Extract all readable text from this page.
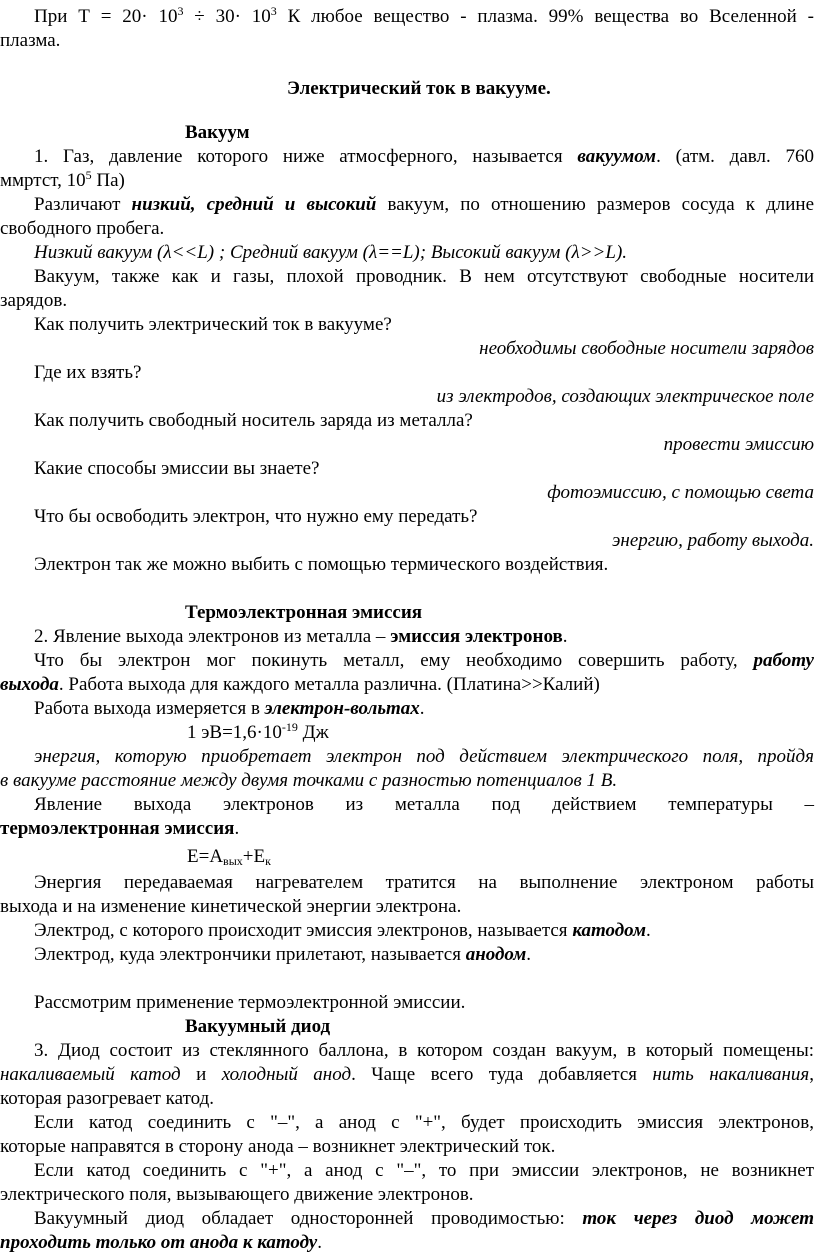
При $Т = 20\cdot 10^3 \div 30\cdot 10^3$ К любое вещество - плазма. 99% вещества во Вселенной -
плазма.
Электрический ток в вакууме.
Вакуум
1. Газ, давление которого ниже атмосферного, называется вакуумом. (атм. давл. 760
ммртст, $10^5$ Па)
Различают низкий, средний и высокий вакуум, по отношению размеров сосуда к длине
свободного пробега.
Низкий вакуум (λ<<L) ; Средний вакуум (λ==L); Высокий вакуум (λ>>L).
Вакуум, также как и газы, плохой проводник. В нем отсутствуют свободные носители
зарядов.
Как получить электрический ток в вакууме?
необходимы свободные носители зарядов
Где их взять?
из электродов, создающих электрическое поле
Как получить свободный носитель заряда из металла?
провести эмиссию
Какие способы эмиссии вы знаете?
фотоэмиссию, с помощью света
Что бы освободить электрон, что нужно ему передать?
энергию, работу выхода.
Электрон так же можно выбить с помощью термического воздействия.
Термоэлектронная эмиссия
2. Явление выхода электронов из металла – эмиссия электронов.
Что бы электрон мог покинуть металл, ему необходимо совершить работу, работу
выхода. Работа выхода для каждого металла различна. (Платина>>Калий)
Работа выхода измеряется в электрон-вольтах.
1 $эВ=1,6\cdot 10^{-19}$ Дж
энергия, которую приобретает электрон под действием электрического поля, пройдя
в вакууме расстояние между двумя точками с разностью потенциалов 1 В.
Явление выхода электронов из металла под действием температуры –
термоэлектронная эмиссия.
$E=A_{вых}+E_к$
Энергия передаваемая нагревателем тратится на выполнение электроном работы
выхода и на изменение кинетической энергии электрона.
Электрод, с которого происходит эмиссия электронов, называется катодом.
Электрод, куда электрончики прилетают, называется анодом.
Рассмотрим применение термоэлектронной эмиссии.
Вакуумный диод
3. Диод состоит из стеклянного баллона, в котором создан вакуум, в который помещены:
накаливаемый катод и холодный анод. Чаще всего туда добавляется нить накаливания,
которая разогревает катод.
Если катод соединить с "–", а анод с "+", будет происходить эмиссия электронов,
которые направятся в сторону анода – возникнет электрический ток.
Если катод соединить с "+", а анод с "–", то при эмиссии электронов, не возникнет
электрического поля, вызывающего движение электронов.
Вакуумный диод обладает односторонней проводимостью: ток через диод может
проходить только от анода к катоду.
